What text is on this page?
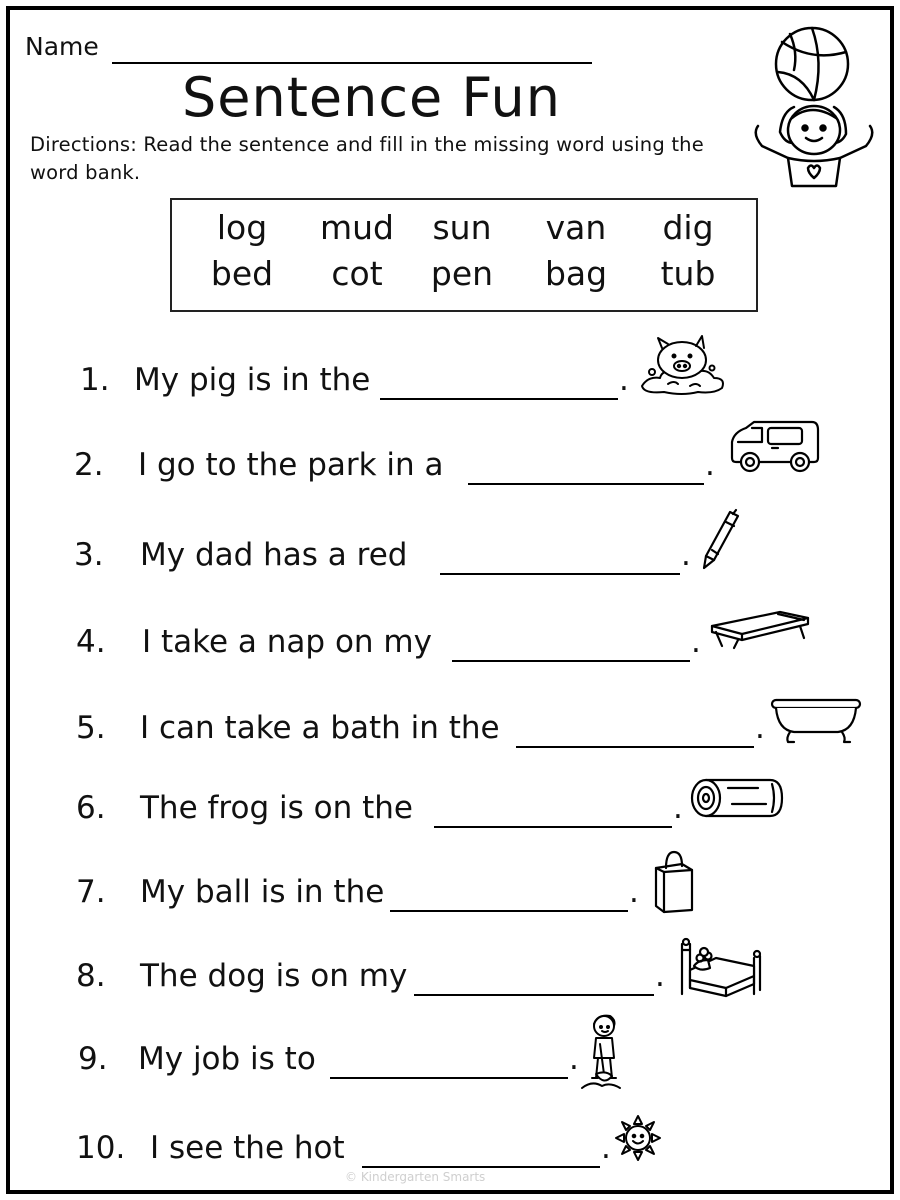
Name
Sentence Fun
Directions: Read the sentence and fill in the missing word using the word bank.
log	mud	sun	van	dig
bed	cot	pen	bag	tub
1. My pig is in the	.
2. I go to the park in a	.
3. My dad has a red	.
4. I take a nap on my	.
5. I can take a bath in the	.
6. The frog is on the	.
7. My ball is in the	.
8. The dog is on my	.
9. My job is to	.
10. I see the hot	.
© Kindergarten Smarts
